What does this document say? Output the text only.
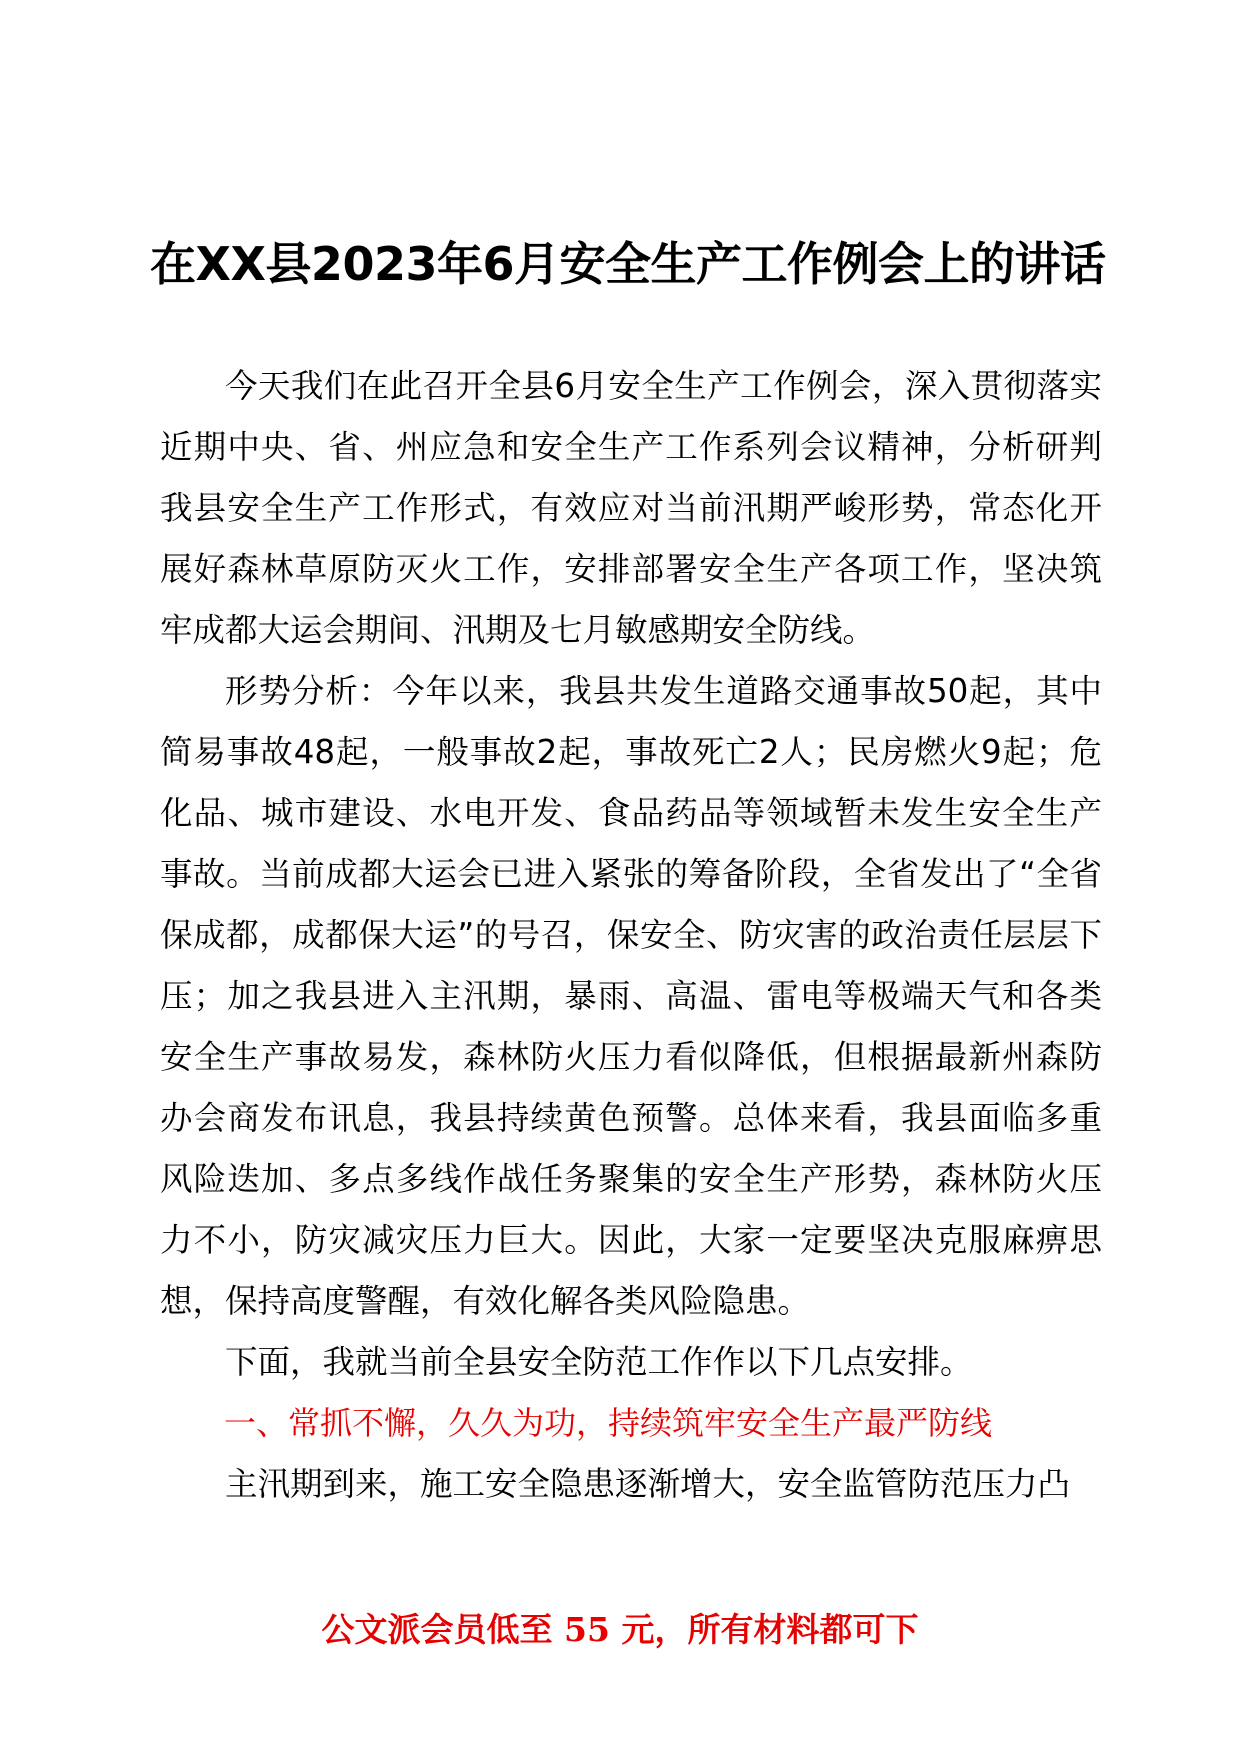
在XX县2023年6月安全生产工作例会上的讲话

今天我们在此召开全县6月安全生产工作例会，深入贯彻落实近期中央、省、州应急和安全生产工作系列会议精神，分析研判我县安全生产工作形式，有效应对当前汛期严峻形势，常态化开展好森林草原防灭火工作，安排部署安全生产各项工作，坚决筑牢成都大运会期间、汛期及七月敏感期安全防线。

形势分析：今年以来，我县共发生道路交通事故50起，其中简易事故48起，一般事故2起，事故死亡2人；民房燃火9起；危化品、城市建设、水电开发、食品药品等领域暂未发生安全生产事故。当前成都大运会已进入紧张的筹备阶段，全省发出了“全省保成都，成都保大运”的号召，保安全、防灾害的政治责任层层下压；加之我县进入主汛期，暴雨、高温、雷电等极端天气和各类安全生产事故易发，森林防火压力看似降低，但根据最新州森防办会商发布讯息，我县持续黄色预警。总体来看，我县面临多重风险迭加、多点多线作战任务聚集的安全生产形势，森林防火压力不小，防灾减灾压力巨大。因此，大家一定要坚决克服麻痹思想，保持高度警醒，有效化解各类风险隐患。

下面，我就当前全县安全防范工作作以下几点安排。

一、常抓不懈，久久为功，持续筑牢安全生产最严防线

主汛期到来，施工安全隐患逐渐增大，安全监管防范压力凸

公文派会员低至 55 元，所有材料都可下
